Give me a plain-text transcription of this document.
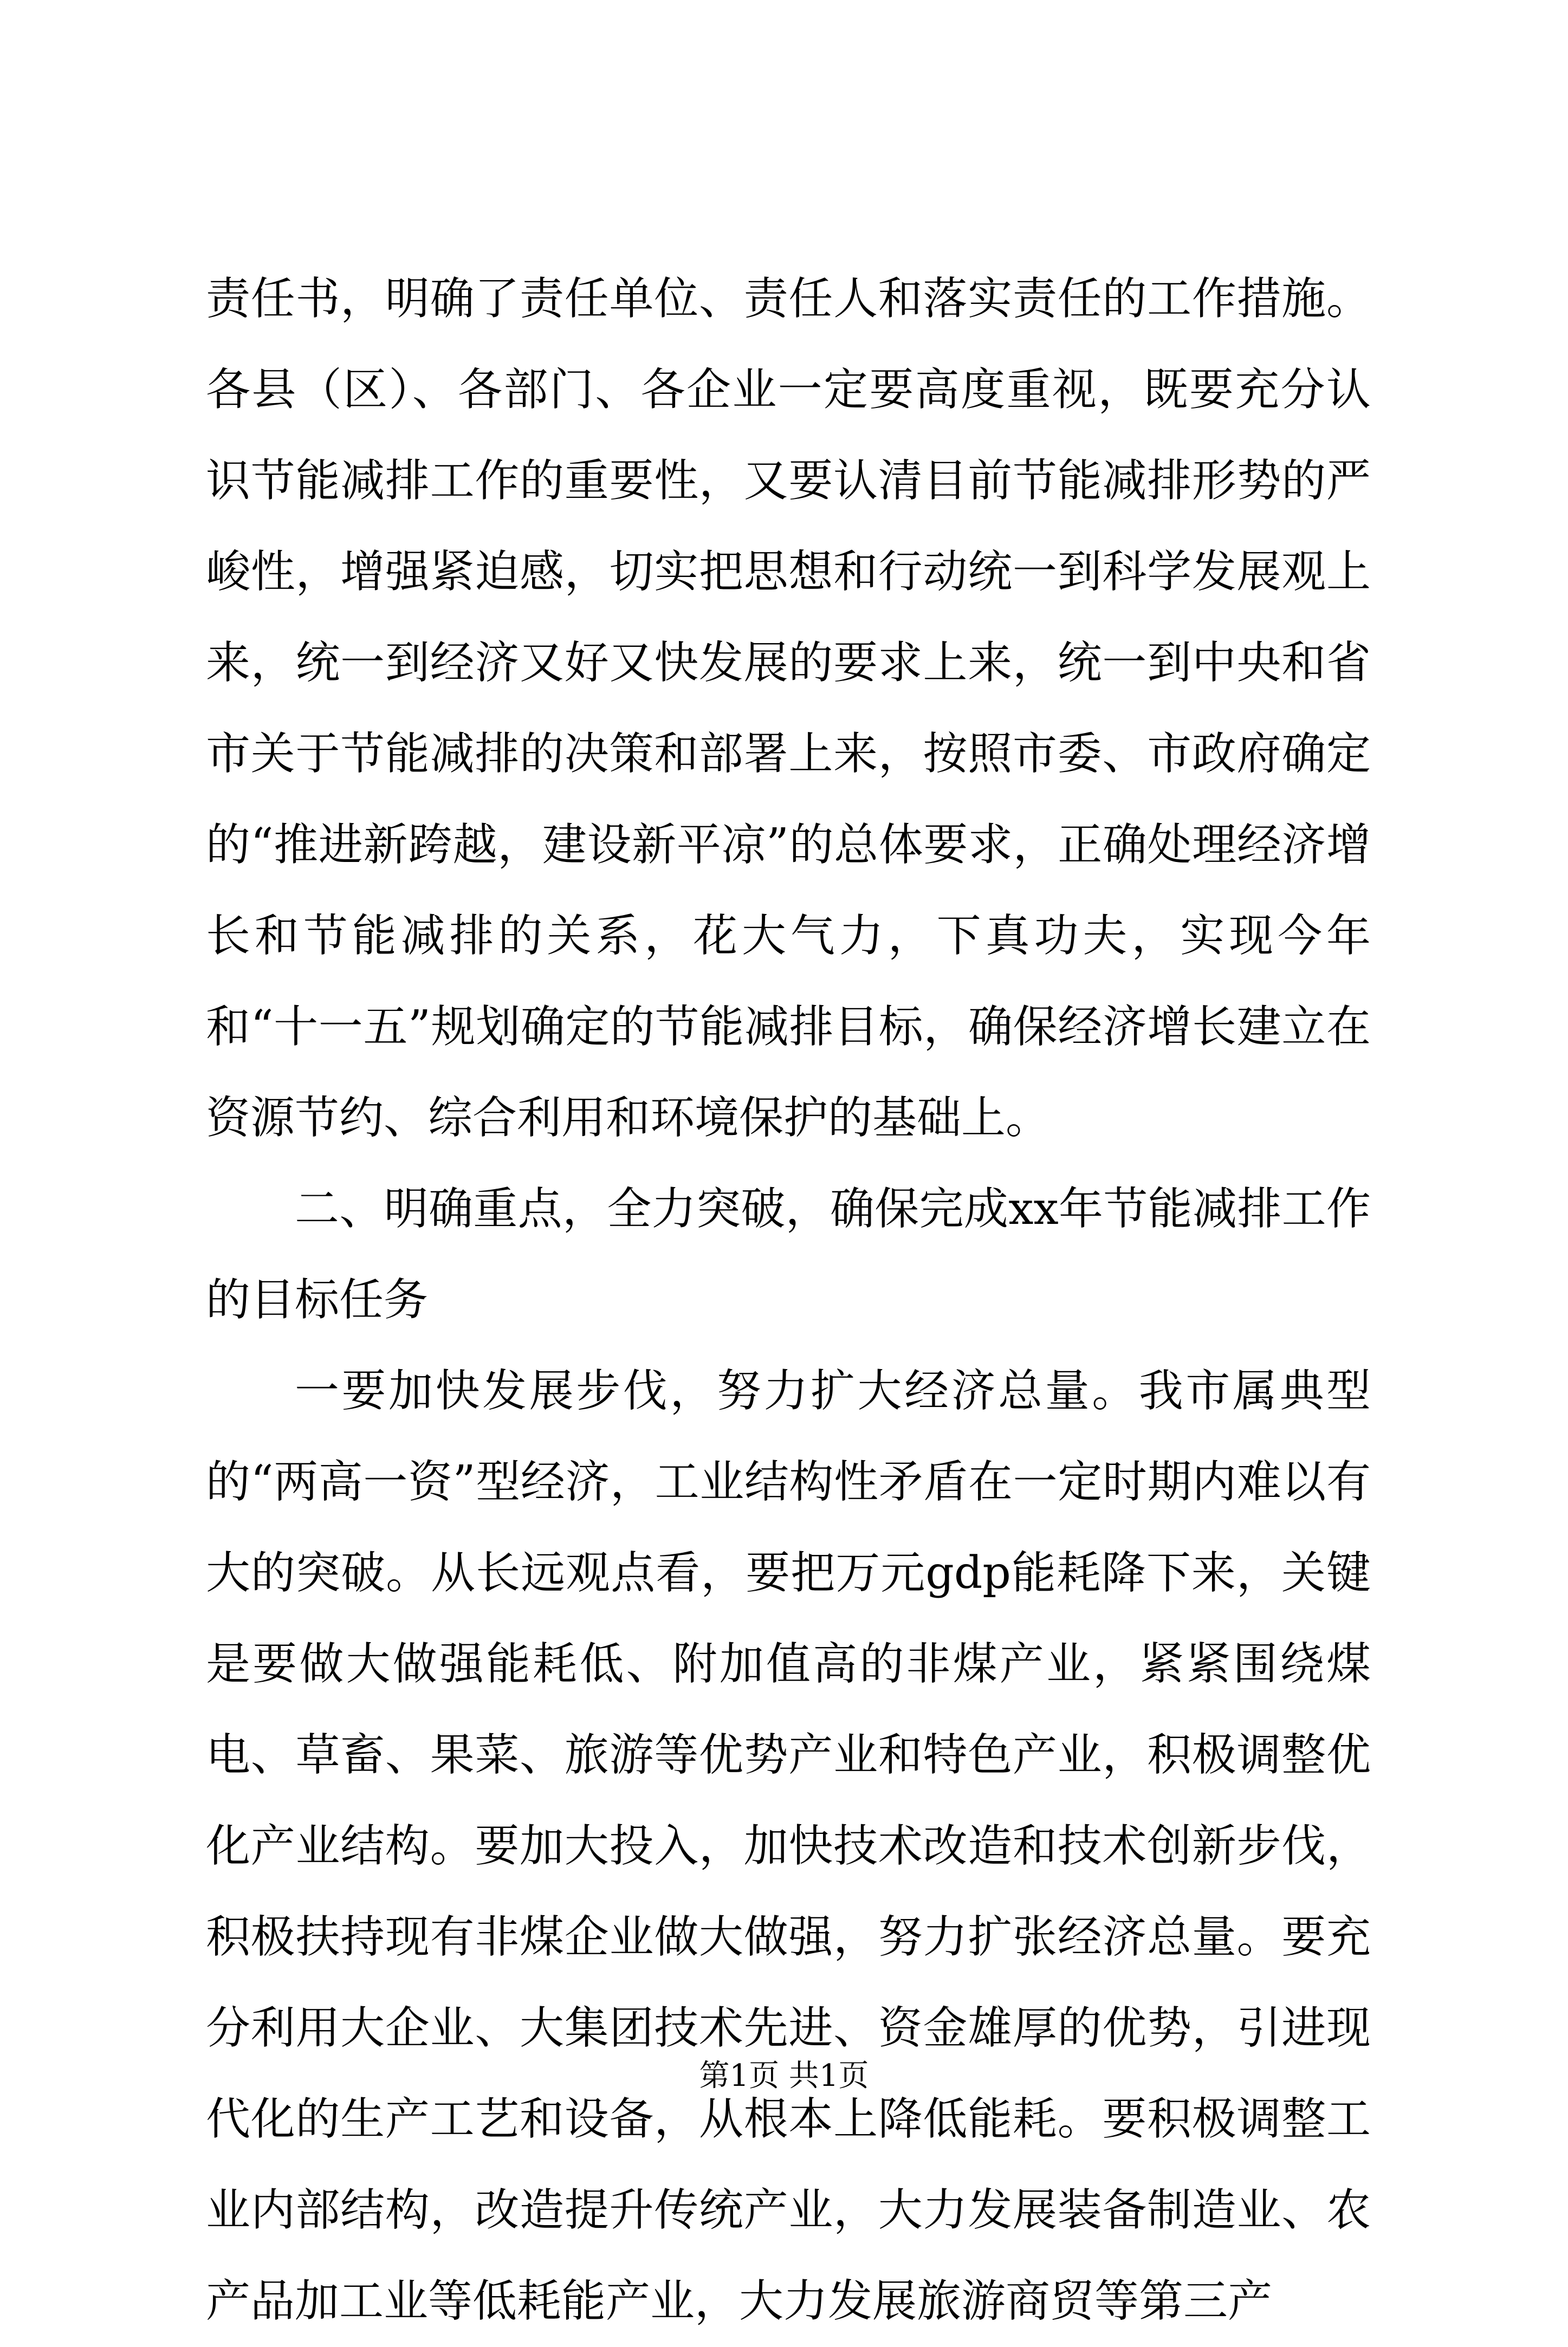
责任书，明确了责任单位、责任人和落实责任的工作措施。各县（区）、各部门、各企业一定要高度重视，既要充分认识节能减排工作的重要性，又要认清目前节能减排形势的严峻性，增强紧迫感，切实把思想和行动统一到科学发展观上来，统一到经济又好又快发展的要求上来，统一到中央和省市关于节能减排的决策和部署上来，按照市委、市政府确定的“推进新跨越，建设新平凉”的总体要求，正确处理经济增长和节能减排的关系，花大气力，下真功夫，实现今年和“十一五”规划确定的节能减排目标，确保经济增长建立在资源节约、综合利用和环境保护的基础上。

二、明确重点，全力突破，确保完成xx年节能减排工作的目标任务

一要加快发展步伐，努力扩大经济总量。我市属典型的“两高一资”型经济，工业结构性矛盾在一定时期内难以有大的突破。从长远观点看，要把万元gdp能耗降下来，关键是要做大做强能耗低、附加值高的非煤产业，紧紧围绕煤电、草畜、果菜、旅游等优势产业和特色产业，积极调整优化产业结构。要加大投入，加快技术改造和技术创新步伐，积极扶持现有非煤企业做大做强，努力扩张经济总量。要充分利用大企业、大集团技术先进、资金雄厚的优势，引进现代化的生产工艺和设备，从根本上降低能耗。要积极调整工业内部结构，改造提升传统产业，大力发展装备制造业、农产品加工业等低耗能产业，大力发展旅游商贸等第三产

第1页 共1页
